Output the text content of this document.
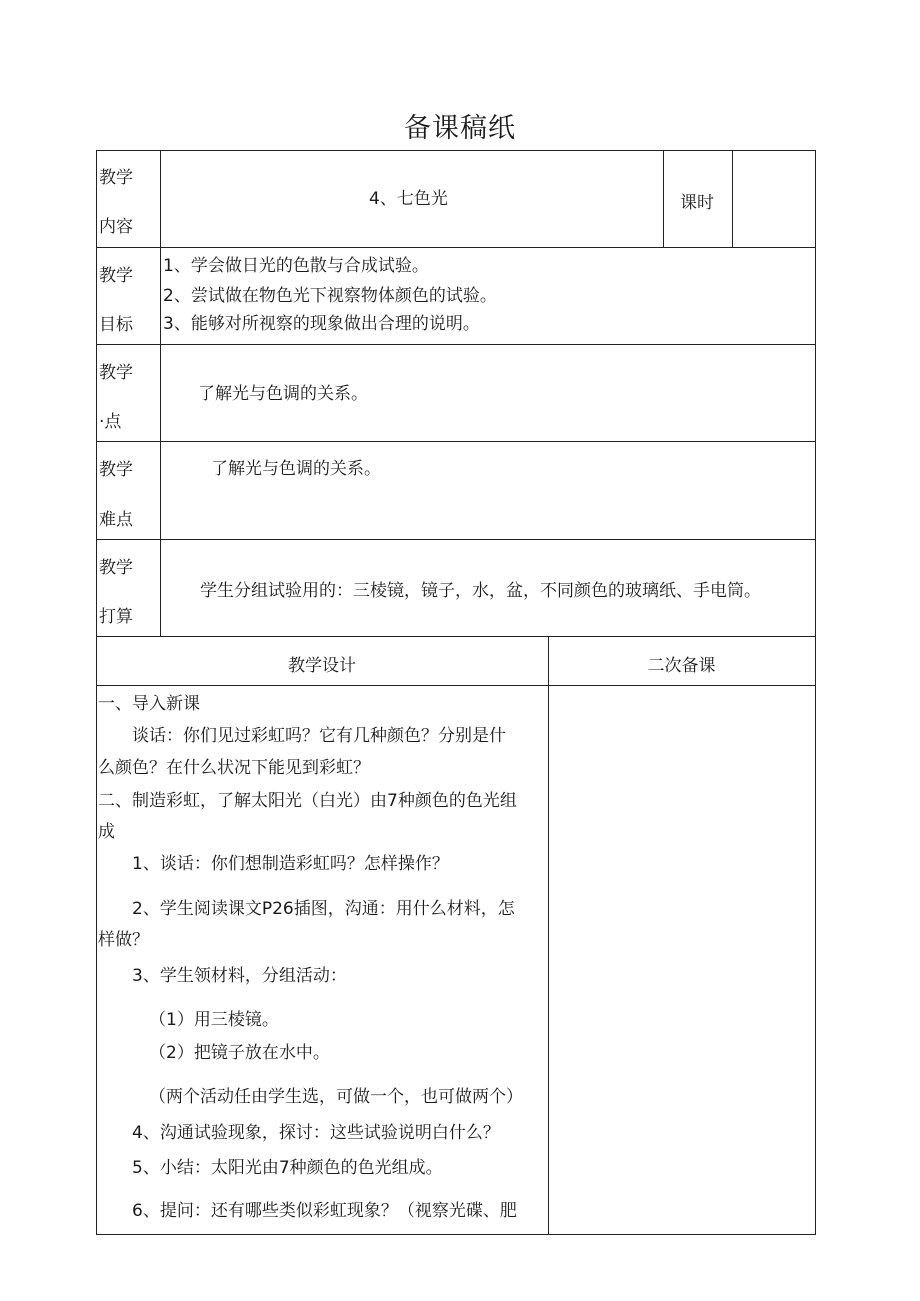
备课稿纸
教学
内容
4、七色光	课时
教学
目标
1、学会做日光的色散与合成试验。
2、尝试做在物色光下视察物体颜色的试验。
3、能够对所视察的现象做出合理的说明。
教学
·点
了解光与色调的关系。
教学
难点
了解光与色调的关系。
教学
打算
学生分组试验用的：三棱镜，镜子，水，盆，不同颜色的玻璃纸、手电筒。
教学设计	二次备课
一、导入新课
谈话：你们见过彩虹吗？它有几种颜色？分别是什
么颜色？在什么状况下能见到彩虹？
二、制造彩虹，了解太阳光（白光）由7种颜色的色光组
成
1、谈话：你们想制造彩虹吗？怎样操作？
2、学生阅读课文P26插图，沟通：用什么材料，怎
样做？
3、学生领材料，分组活动：
（1）用三棱镜。
（2）把镜子放在水中。
（两个活动任由学生选，可做一个，也可做两个）
4、沟通试验现象，探讨：这些试验说明白什么？
5、小结：太阳光由7种颜色的色光组成。
6、提问：还有哪些类似彩虹现象？（视察光碟、肥
